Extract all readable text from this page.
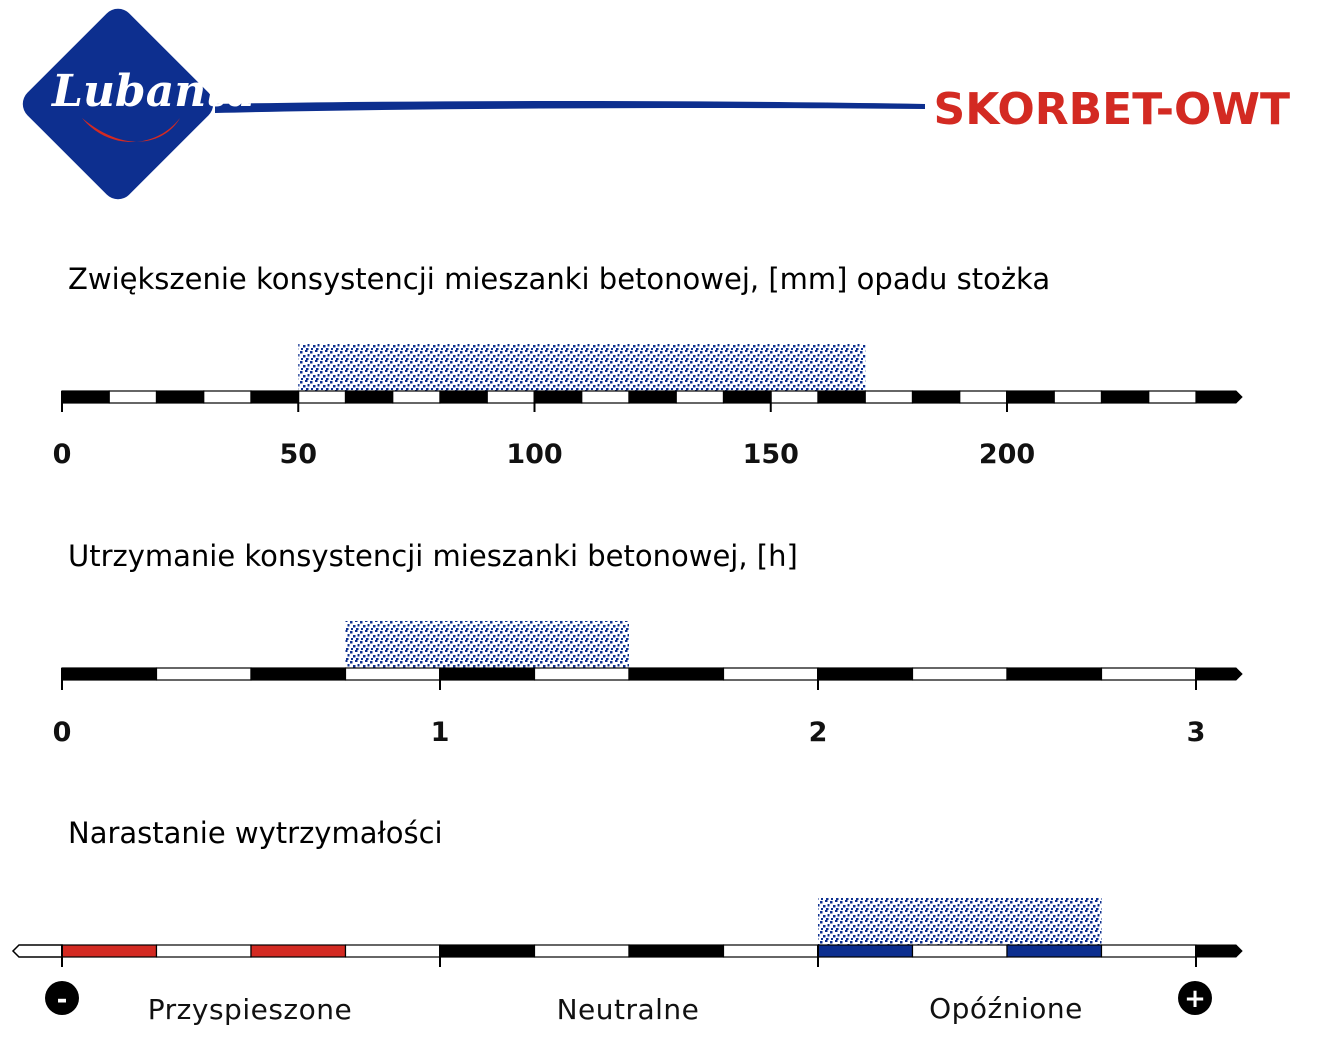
Lubanta	SKORBET-OWT
Zwiększenie konsystencji mieszanki betonowej, [mm] opadu stożka
0	50	100	150	200
Utrzymanie konsystencji mieszanki betonowej, [h]
0	1	2	3
Narastanie wytrzymałości
-	+
Przyspieszone	Neutralne	Opóźnione
